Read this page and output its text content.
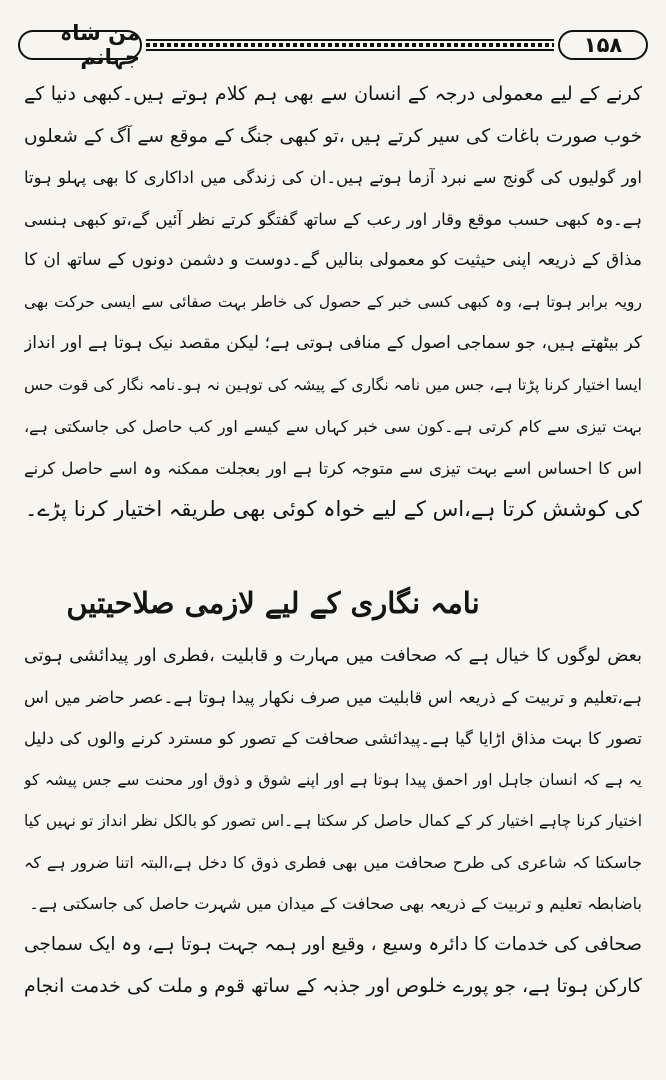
من شاہ جہانم	۱۵۸
کرنے کے لیے معمولی درجہ کے انسان سے بھی ہم کلام ہوتے ہیں۔کبھی دنیا کے
خوب صورت باغات کی سیر کرتے ہیں ،تو کبھی جنگ کے موقع سے آگ کے شعلوں
اور گولیوں کی گونج سے نبرد آزما ہوتے ہیں۔ان کی زندگی میں اداکاری کا بھی پہلو ہوتا
ہے۔وہ کبھی حسب موقع وقار اور رعب کے ساتھ گفتگو کرتے نظر آئیں گے،تو کبھی ہنسی
مذاق کے ذریعہ اپنی حیثیت کو معمولی بنالیں گے۔دوست و دشمن دونوں کے ساتھ ان کا
رویہ برابر ہوتا ہے، وہ کبھی کسی خبر کے حصول کی خاطر بہت صفائی سے ایسی حرکت بھی
کر بیٹھتے ہیں، جو سماجی اصول کے منافی ہوتی ہے؛ لیکن مقصد نیک ہوتا ہے اور انداز
ایسا اختیار کرنا پڑتا ہے، جس میں نامہ نگاری کے پیشہ کی توہین نہ ہو۔نامہ نگار کی قوت حس
بہت تیزی سے کام کرتی ہے۔کون سی خبر کہاں سے کیسے اور کب حاصل کی جاسکتی ہے،
اس کا احساس اسے بہت تیزی سے متوجہ کرتا ہے اور بعجلت ممکنہ وہ اسے حاصل کرنے
کی کوشش کرتا ہے،اس کے لیے خواہ کوئی بھی طریقہ اختیار کرنا پڑے۔
نامہ نگاری کے لیے لازمی صلاحیتیں
بعض لوگوں کا خیال ہے کہ صحافت میں مہارت و قابلیت ،فطری اور پیدائشی ہوتی
ہے،تعلیم و تربیت کے ذریعہ اس قابلیت میں صرف نکھار پیدا ہوتا ہے۔عصر حاضر میں اس
تصور کا بہت مذاق اڑایا گیا ہے۔پیدائشی صحافت کے تصور کو مسترد کرنے والوں کی دلیل
یہ ہے کہ انسان جاہل اور احمق پیدا ہوتا ہے اور اپنے شوق و ذوق اور محنت سے جس پیشہ کو
اختیار کرنا چاہے اختیار کر کے کمال حاصل کر سکتا ہے۔اس تصور کو بالکل نظر انداز تو نہیں کیا
جاسکتا کہ شاعری کی طرح صحافت میں بھی فطری ذوق کا دخل ہے،البتہ اتنا ضرور ہے کہ
باضابطہ تعلیم و تربیت کے ذریعہ بھی صحافت کے میدان میں شہرت حاصل کی جاسکتی ہے۔
صحافی کی خدمات کا دائرہ وسیع ، وقیع اور ہمہ جہت ہوتا ہے، وہ ایک سماجی
کارکن ہوتا ہے، جو پورے خلوص اور جذبہ کے ساتھ قوم و ملت کی خدمت انجام
